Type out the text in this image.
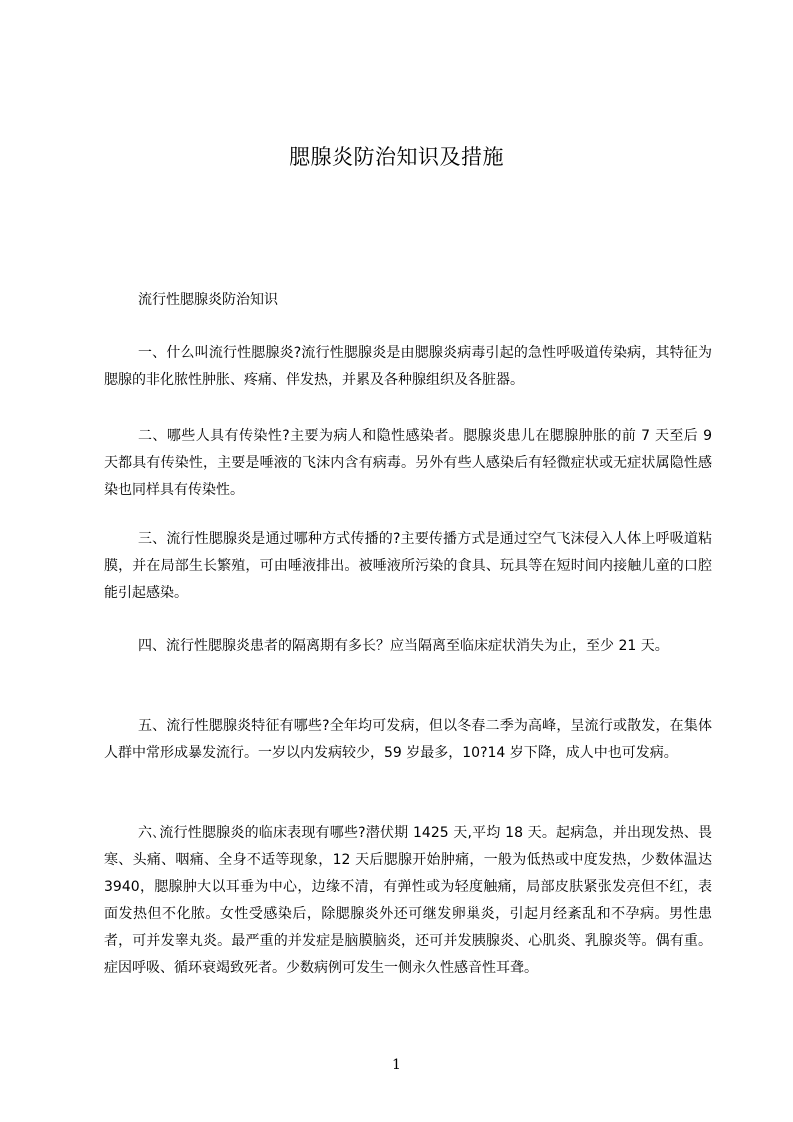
腮腺炎防治知识及措施
流行性腮腺炎防治知识

一、什么叫流行性腮腺炎?流行性腮腺炎是由腮腺炎病毒引起的急性呼吸道传染病，其特征为腮腺的非化脓性肿胀、疼痛、伴发热，并累及各种腺组织及各脏器。

二、哪些人具有传染性?主要为病人和隐性感染者。腮腺炎患儿在腮腺肿胀的前 7 天至后 9 天都具有传染性，主要是唾液的飞沫内含有病毒。另外有些人感染后有轻微症状或无症状属隐性感染也同样具有传染性。

三、流行性腮腺炎是通过哪种方式传播的?主要传播方式是通过空气飞沫侵入人体上呼吸道粘膜，并在局部生长繁殖，可由唾液排出。被唾液所污染的食具、玩具等在短时间内接触儿童的口腔能引起感染。

四、流行性腮腺炎患者的隔离期有多长？应当隔离至临床症状消失为止，至少 21 天。

五、流行性腮腺炎特征有哪些?全年均可发病，但以冬春二季为高峰，呈流行或散发，在集体人群中常形成暴发流行。一岁以内发病较少，59 岁最多，10?14 岁下降，成人中也可发病。

六､流行性腮腺炎的临床表现有哪些?潜伏期 1425 天,平均 18 天。起病急，并出现发热、畏寒、头痛、咽痛、全身不适等现象，12 天后腮腺开始肿痛，一般为低热或中度发热，少数体温达 3940，腮腺肿大以耳垂为中心，边缘不清，有弹性或为轻度触痛，局部皮肤紧张发亮但不红，表面发热但不化脓。女性受感染后，除腮腺炎外还可继发卵巢炎，引起月经紊乱和不孕病。男性患者，可并发睾丸炎。最严重的并发症是脑膜脑炎，还可并发胰腺炎、心肌炎、乳腺炎等。偶有重。症因呼吸、循环衰竭致死者。少数病例可发生一侧永久性感音性耳聋。

1
